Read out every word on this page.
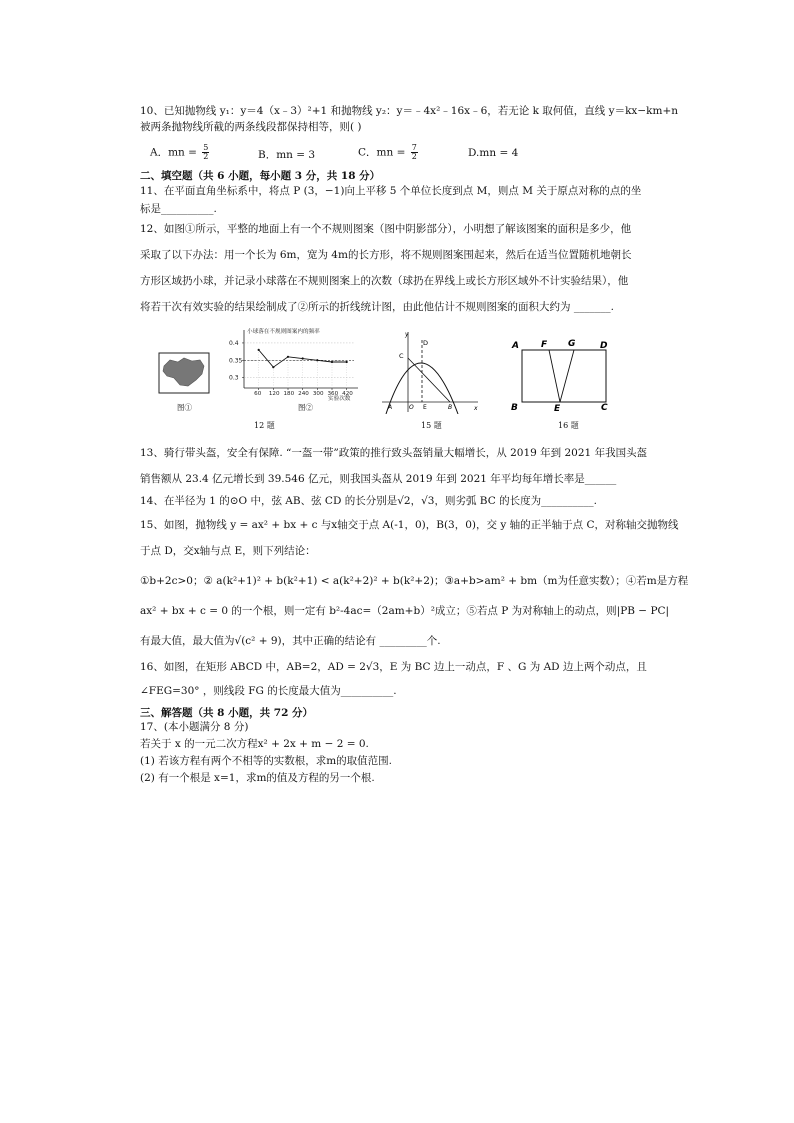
10、已知抛物线 y₁：y＝4（x﹣3）²+1 和抛物线 y₂：y＝﹣4x²﹣16x﹣6，若无论 k 取何值，直线 y＝kx−km+n
被两条抛物线所截的两条线段都保持相等，则( )
A．mn = $\frac{5}{2}$	B．mn = 3	C．mn = $\frac{7}{2}$	D.mn = 4
二、填空题（共 6 小题，每小题 3 分，共 18 分）
11、在平面直角坐标系中，将点 P (3，−1)向上平移 5 个单位长度到点 M，则点 M 关于原点对称的点的坐
标是__________.
12、如图①所示，平整的地面上有一个不规则图案（图中阴影部分），小明想了解该图案的面积是多少，他
采取了以下办法：用一个长为 6m，宽为 4m的长方形，将不规则图案围起来，然后在适当位置随机地朝长
方形区域扔小球，并记录小球落在不规则图案上的次数（球扔在界线上或长方形区域外不计实验结果），他
将若干次有效实验的结果绘制成了②所示的折线统计图，由此他估计不规则图案的面积大约为 _______.
图①
小球落在不规则图案内的频率
实验次数
0.3
0.35
0.4
60 120 180 240 300 360 420
图②
12 题
y
x
C
D
A	O E	B
15 题
A F G	D
B	E	C
16 题
13、骑行带头盔，安全有保障. “一盔一带”政策的推行致头盔销量大幅增长，从 2019 年到 2021 年我国头盔
销售额从 23.4 亿元增长到 39.546 亿元，则我国头盔从 2019 年到 2021 年平均每年增长率是______
14、在半径为 1 的⊙O 中，弦 AB、弦 CD 的长分别是√2，√3，则劣弧 BC 的长度为__________.
15、如图，抛物线 y = ax² + bx + c 与x轴交于点 A(-1，0)，B(3，0)，交 y 轴的正半轴于点 C，对称轴交抛物线
于点 D，交x轴与点 E，则下列结论：
①b+2c>0；② a(k²+1)² + b(k²+1) < a(k²+2)² + b(k²+2)；③a+b>am² + bm（m为任意实数）；④若m是方程
ax² + bx + c = 0 的一个根，则一定有 b²-4ac=（2am+b）²成立；⑤若点 P 为对称轴上的动点，则|PB − PC|
有最大值，最大值为√(c² + 9)，其中正确的结论有 _________个.
16、如图，在矩形 ABCD 中，AB=2，AD = 2√3，E 为 BC 边上一动点，F 、G 为 AD 边上两个动点，且
∠FEG=30° ，则线段 FG 的长度最大值为__________.
三、解答题（共 8 小题，共 72 分）
17、(本小题满分 8 分)
若关于 x 的一元二次方程x² + 2x + m − 2 = 0.
(1) 若该方程有两个不相等的实数根，求m的取值范围.
(2) 有一个根是 x=1，求m的值及方程的另一个根.
